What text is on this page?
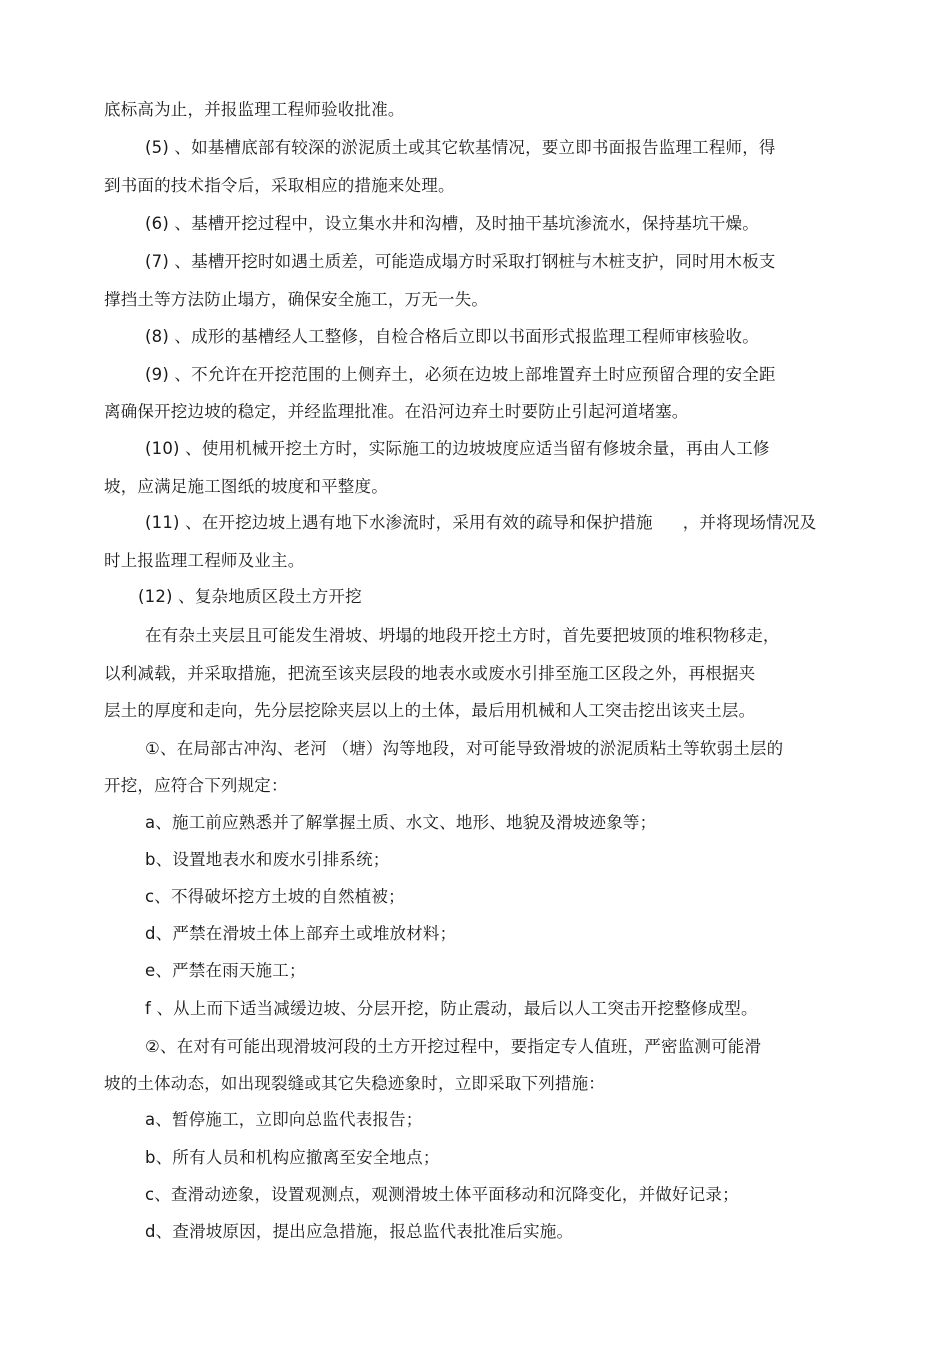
底标高为止，并报监理工程师验收批准。
(5) 、如基槽底部有较深的淤泥质土或其它软基情况，要立即书面报告监理工程师，得
到书面的技术指令后，采取相应的措施来处理。
(6) 、基槽开挖过程中，设立集水井和沟槽，及时抽干基坑渗流水，保持基坑干燥。
(7) 、基槽开挖时如遇土质差，可能造成塌方时采取打钢桩与木桩支护，同时用木板支
撑挡土等方法防止塌方，确保安全施工，万无一失。
(8) 、成形的基槽经人工整修，自检合格后立即以书面形式报监理工程师审核验收。
(9) 、不允许在开挖范围的上侧弃土，必须在边坡上部堆置弃土时应预留合理的安全距
离确保开挖边坡的稳定，并经监理批准。在沿河边弃土时要防止引起河道堵塞。
(10) 、使用机械开挖土方时，实际施工的边坡坡度应适当留有修坡余量，再由人工修
坡，应满足施工图纸的坡度和平整度。
(11) 、在开挖边坡上遇有地下水渗流时，采用有效的疏导和保护措施 ，并将现场情况及
时上报监理工程师及业主。
(12) 、复杂地质区段土方开挖
在有杂土夹层且可能发生滑坡、坍塌的地段开挖土方时，首先要把坡顶的堆积物移走，
以利减载，并采取措施，把流至该夹层段的地表水或废水引排至施工区段之外，再根据夹
层土的厚度和走向，先分层挖除夹层以上的土体，最后用机械和人工突击挖出该夹土层。
①、在局部古冲沟、老河 （塘）沟等地段，对可能导致滑坡的淤泥质粘土等软弱土层的
开挖，应符合下列规定：
a、施工前应熟悉并了解掌握土质、水文、地形、地貌及滑坡迹象等；
b、设置地表水和废水引排系统；
c、不得破坏挖方土坡的自然植被；
d、严禁在滑坡土体上部弃土或堆放材料；
e、严禁在雨天施工；
f 、从上而下适当减缓边坡、分层开挖，防止震动，最后以人工突击开挖整修成型。
②、在对有可能出现滑坡河段的土方开挖过程中，要指定专人值班，严密监测可能滑
坡的土体动态，如出现裂缝或其它失稳迹象时，立即采取下列措施：
a、暂停施工，立即向总监代表报告；
b、所有人员和机构应撤离至安全地点；
c、查滑动迹象，设置观测点，观测滑坡土体平面移动和沉降变化，并做好记录；
d、查滑坡原因，提出应急措施，报总监代表批准后实施。
